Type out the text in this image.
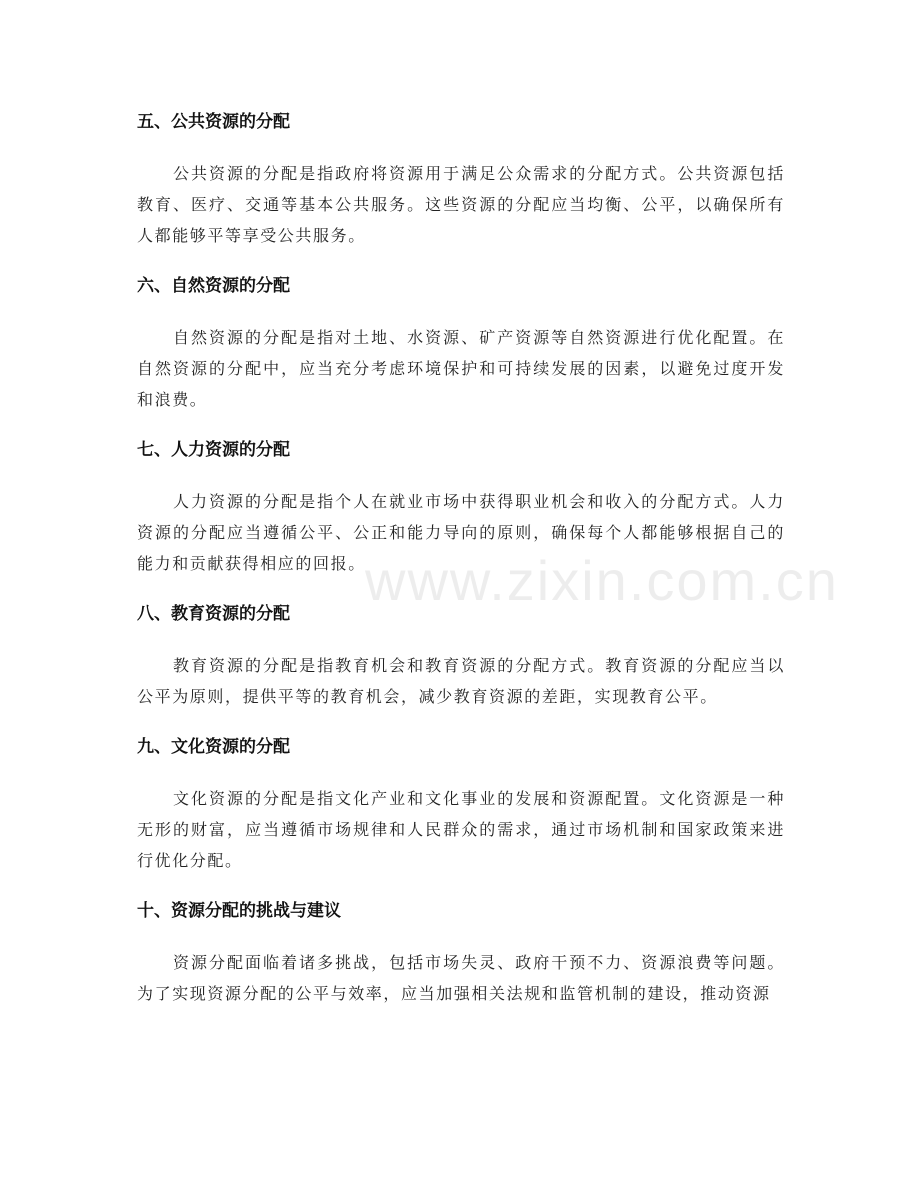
五、公共资源的分配

公共资源的分配是指政府将资源用于满足公众需求的分配方式。公共资源包括教育、医疗、交通等基本公共服务。这些资源的分配应当均衡、公平，以确保所有人都能够平等享受公共服务。

六、自然资源的分配

自然资源的分配是指对土地、水资源、矿产资源等自然资源进行优化配置。在自然资源的分配中，应当充分考虑环境保护和可持续发展的因素，以避免过度开发和浪费。

七、人力资源的分配

人力资源的分配是指个人在就业市场中获得职业机会和收入的分配方式。人力资源的分配应当遵循公平、公正和能力导向的原则，确保每个人都能够根据自己的能力和贡献获得相应的回报。

八、教育资源的分配

教育资源的分配是指教育机会和教育资源的分配方式。教育资源的分配应当以公平为原则，提供平等的教育机会，减少教育资源的差距，实现教育公平。

九、文化资源的分配

文化资源的分配是指文化产业和文化事业的发展和资源配置。文化资源是一种无形的财富，应当遵循市场规律和人民群众的需求，通过市场机制和国家政策来进行优化分配。

十、资源分配的挑战与建议

资源分配面临着诸多挑战，包括市场失灵、政府干预不力、资源浪费等问题。为了实现资源分配的公平与效率，应当加强相关法规和监管机制的建设，推动资源

www.zixin.com.cn
